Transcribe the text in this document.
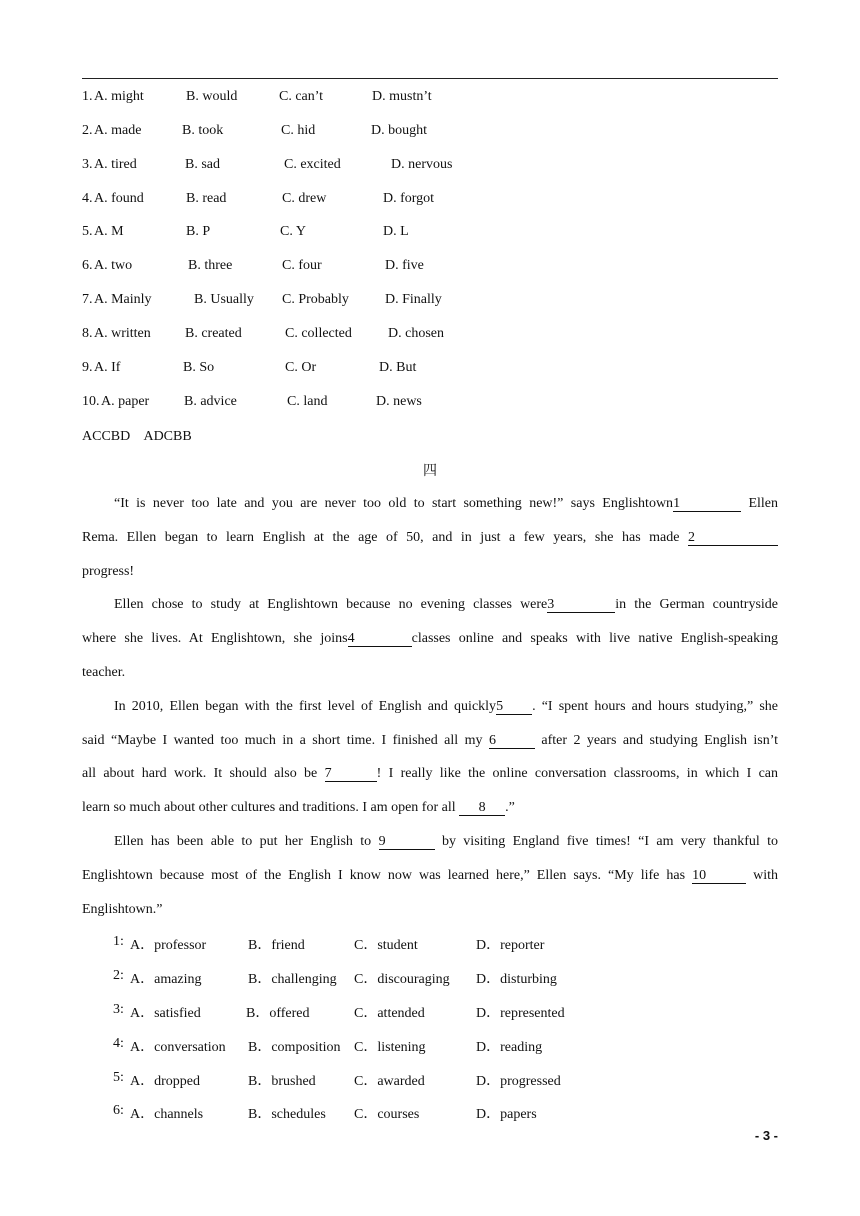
1. A. might	B. would	C. can’t	D. mustn’t
2. A. made	B. took	C. hid	D. bought
3. A. tired	B. sad	C. excited	D. nervous
4. A. found	B. read	C. drew	D. forgot
5. A. M	B. P	C. Y	D. L
6. A. two	B. three	C. four	D. five
7. A. Mainly	B. Usually C. Probably	D. Finally
8. A. written B. created	C. collected	D. chosen
9. A. If	B. So	C. Or	D. But
10. A. paper B. advice	C. land	D. news
ACCBD    ADCBB
四
“It is never too late and you are never too old to start something new!” says Englishtown1	Ellen
Rema. Ellen began to learn English at the age of 50, and in just a few years, she has made 2
progress!
Ellen chose to study at Englishtown because no evening classes were3	in the German countryside
where she lives. At Englishtown, she joins4	classes online and speaks with live native English-speaking
teacher.
In 2010, Ellen began with the first level of English and quickly5 . “I spent hours and hours studying,” she
said “Maybe I wanted too much in a short time. I finished all my 6	after 2 years and studying English isn’t
all about hard work. It should also be 7	! I really like the online conversation classrooms, in which I can
learn so much about other cultures and traditions. I am open for all 8 .”
Ellen has been able to put her English to 9	by visiting England five times! “I am very thankful to
Englishtown because most of the English I know now was learned here,” Ellen says. “My life has 10	with
Englishtown.”
1: A．professor	B．friend	C．student	D．reporter
2: A．amazing	B．challenging C．discouraging D．disturbing
3: A．satisfied	B．offered	C．attended	D．represented
4: A．conversation B．composition C．listening	D．reading
5: A．dropped	B．brushed	C．awarded	D．progressed
6: A．channels	B．schedules C．courses	D．papers
- 3 -
